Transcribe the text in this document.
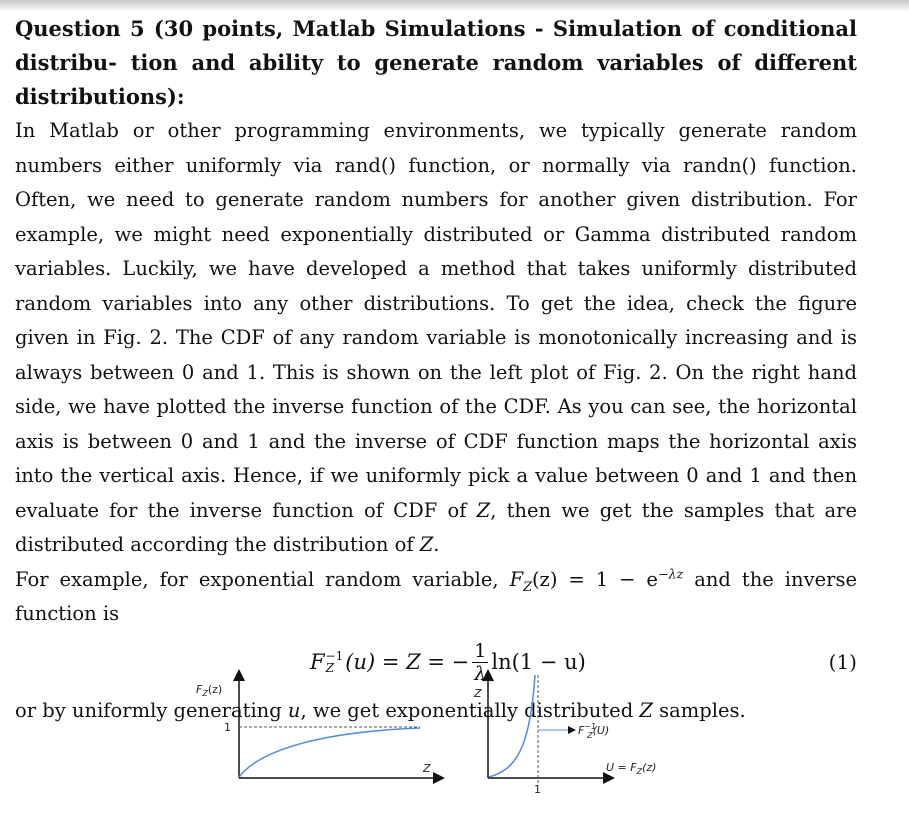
Question 5 (30 points, Matlab Simulations - Simulation of conditional distribu- tion and ability to generate random variables of different distributions):

In Matlab or other programming environments, we typically generate random numbers either uniformly via rand() function, or normally via randn() function. Often, we need to generate random numbers for another given distribution. For example, we might need exponentially distributed or Gamma distributed random variables. Luckily, we have developed a method that takes uniformly distributed random variables into any other distributions. To get the idea, check the figure given in Fig. 2. The CDF of any random variable is monotonically increasing and is always between 0 and 1. This is shown on the left plot of Fig. 2. On the right hand side, we have plotted the inverse function of the CDF. As you can see, the horizontal axis is between 0 and 1 and the inverse of CDF function maps the horizontal axis into the vertical axis. Hence, if we uniformly pick a value between 0 and 1 and then evaluate for the inverse function of CDF of Z, then we get the samples that are distributed according the distribution of Z.

For example, for exponential random variable, $F_Z(z) = 1 - e^{-\lambda z}$ and the inverse function is

F −1
Z (u) = Z = − $\frac{1}{\lambda} \ln(1 - u)$	(1)

or by uniformly generating u, we get exponentially distributed Z samples.

$F_Z(z)$
1
Z
Z
$F^{-1}$ Z(U)
$U = F_Z(z)$
1
